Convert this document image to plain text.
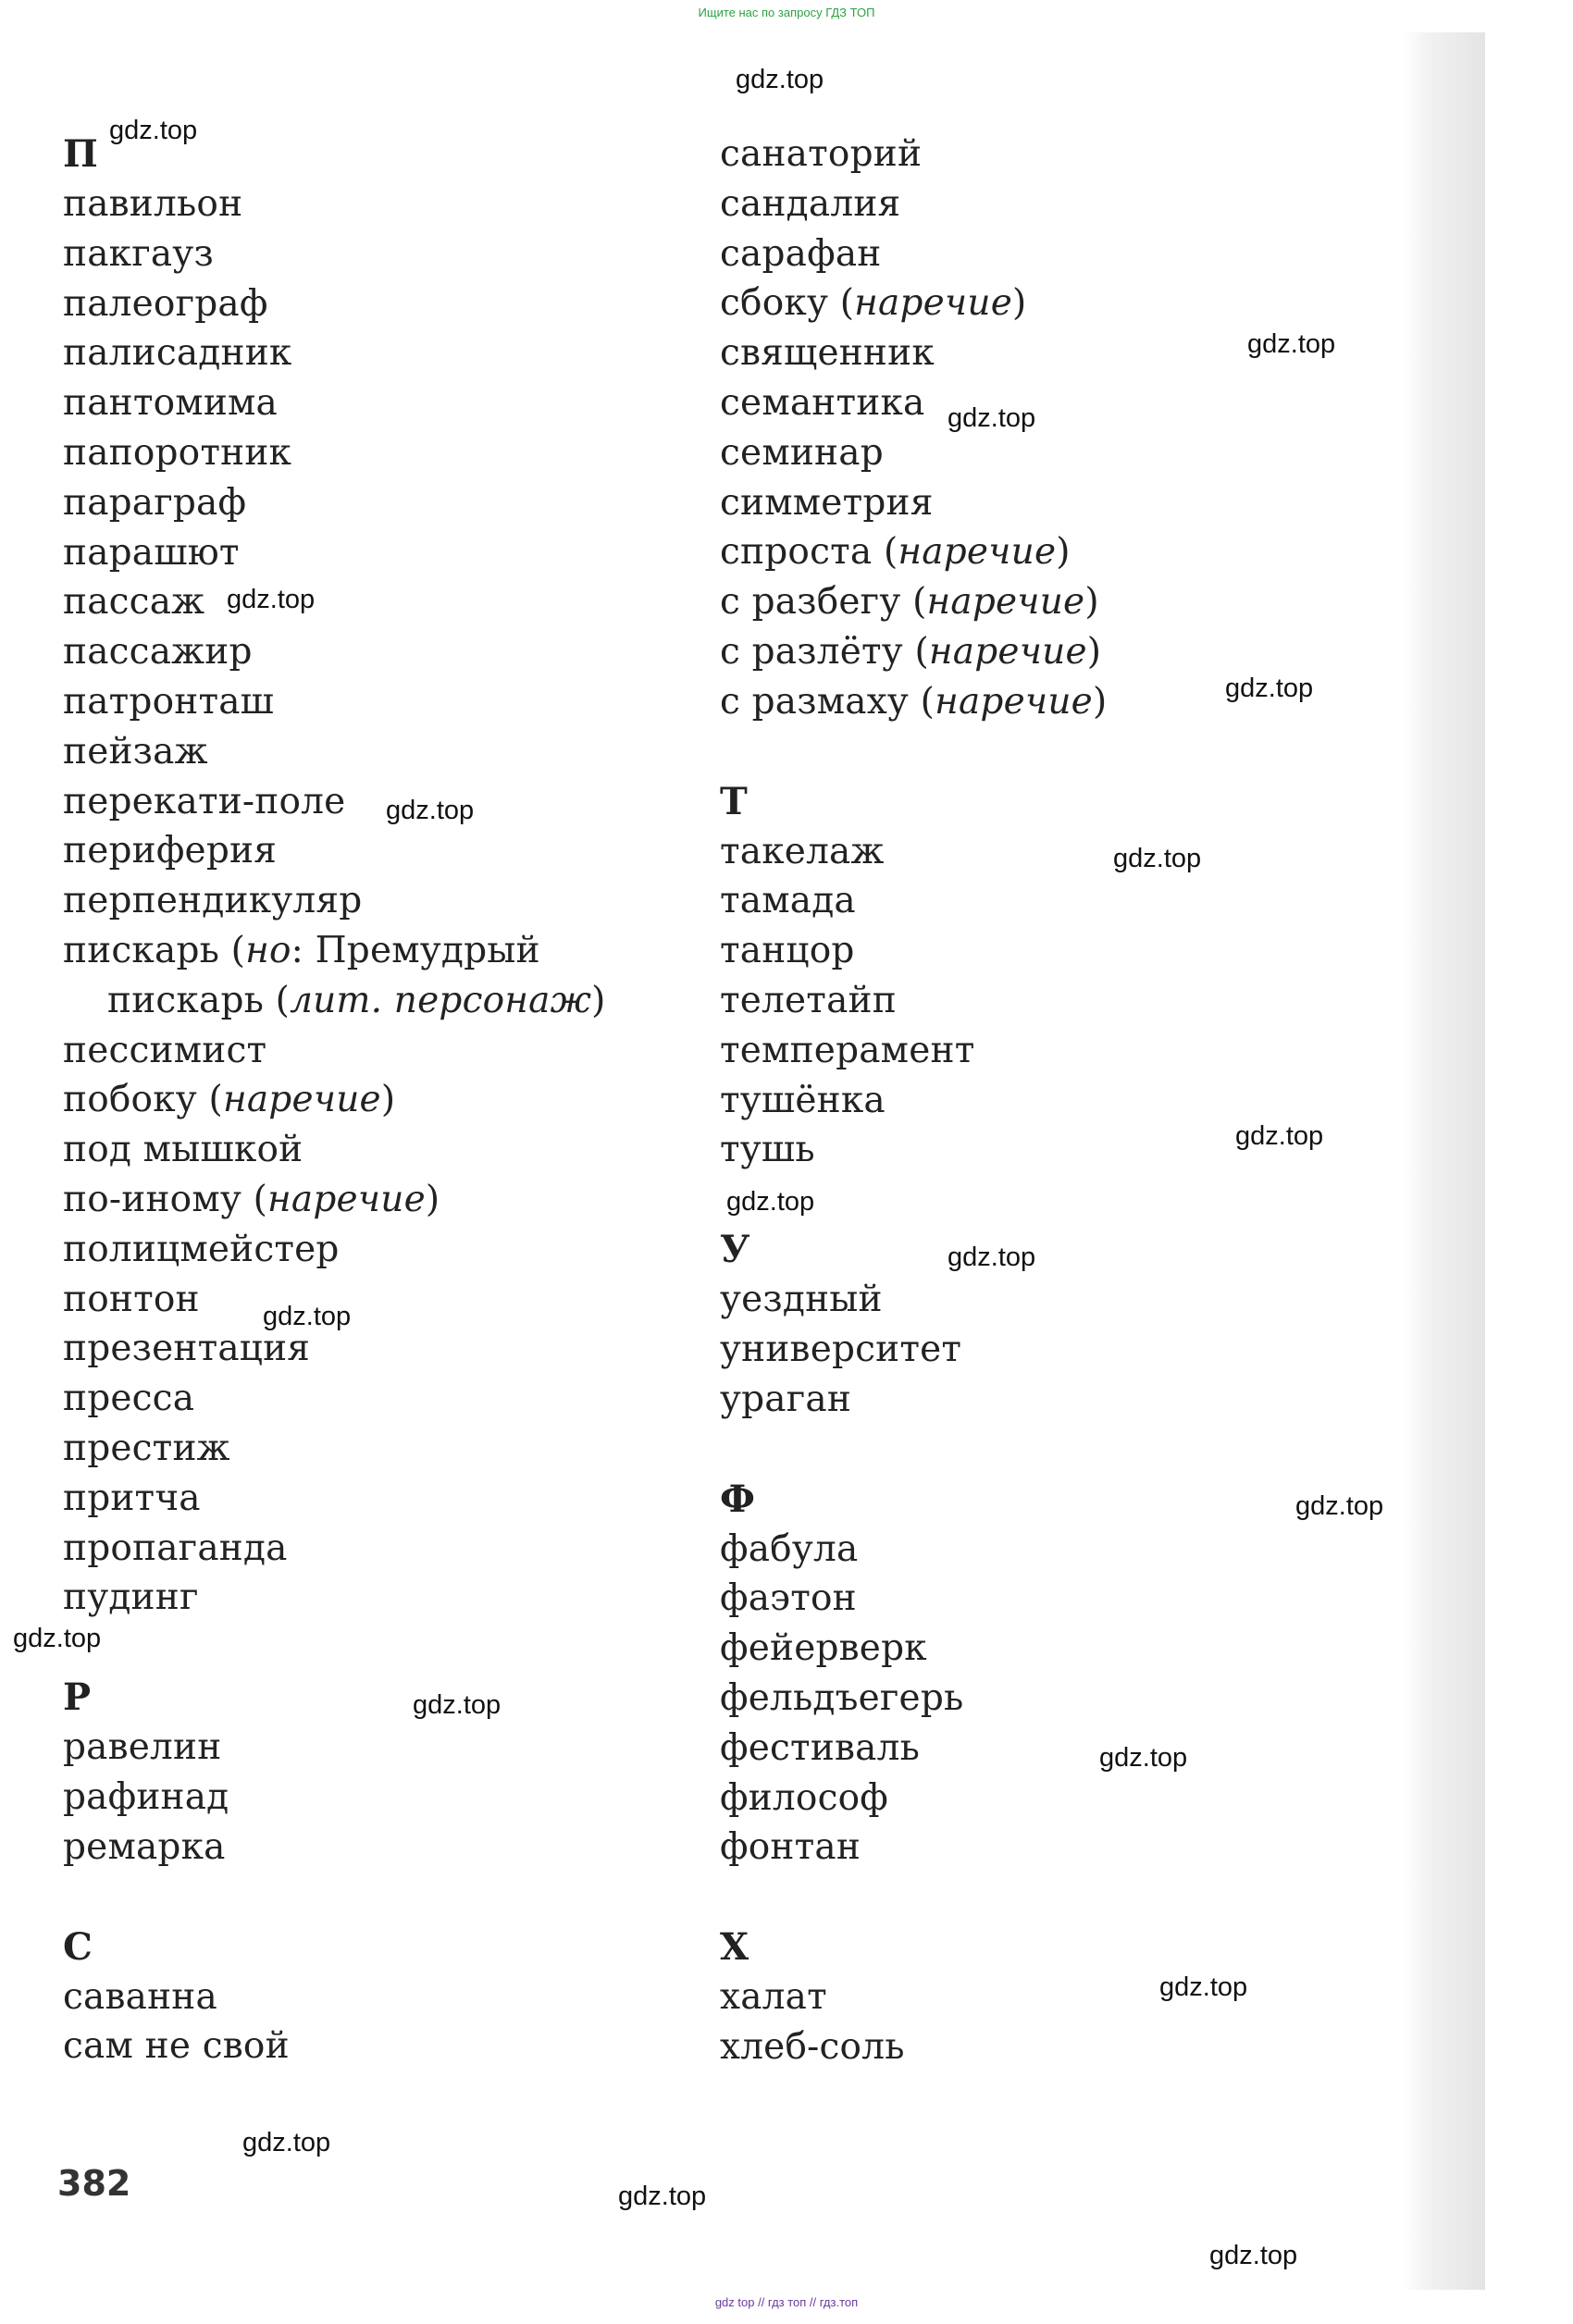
Ищите нас по запросу ГДЗ ТОП
П
павильон
пакгауз
палеограф
палисадник
пантомима
папоротник
параграф
парашют
пассаж
пассажир
патронташ
пейзаж
перекати-поле
периферия
перпендикуляр
пискарь (но: Премудрый
пискарь (лит. персонаж)
пессимист
побоку (наречие)
под мышкой
по-иному (наречие)
полицмейстер
понтон
презентация
пресса
престиж
притча
пропаганда
пудинг
Р
равелин
рафинад
ремарка
С
саванна
сам не свой
санаторий
сандалия
сарафан
сбоку (наречие)
священник
семантика
семинар
симметрия
спроста (наречие)
с разбегу (наречие)
с разлёту (наречие)
с размаху (наречие)
Т
такелаж
тамада
танцор
телетайп
темперамент
тушёнка
тушь
У
уездный
университет
ураган
Ф
фабула
фаэтон
фейерверк
фельдъегерь
фестиваль
философ
фонтан
Х
халат
хлеб-соль
382
gdz.top
gdz.top
gdz.top
gdz.top
gdz.top
gdz.top
gdz.top
gdz.top
gdz.top
gdz.top
gdz.top
gdz.top
gdz.top
gdz.top
gdz.top
gdz.top
gdz.top
gdz.top
gdz.top
gdz.top
gdz top // гдз топ // гдз.топ
